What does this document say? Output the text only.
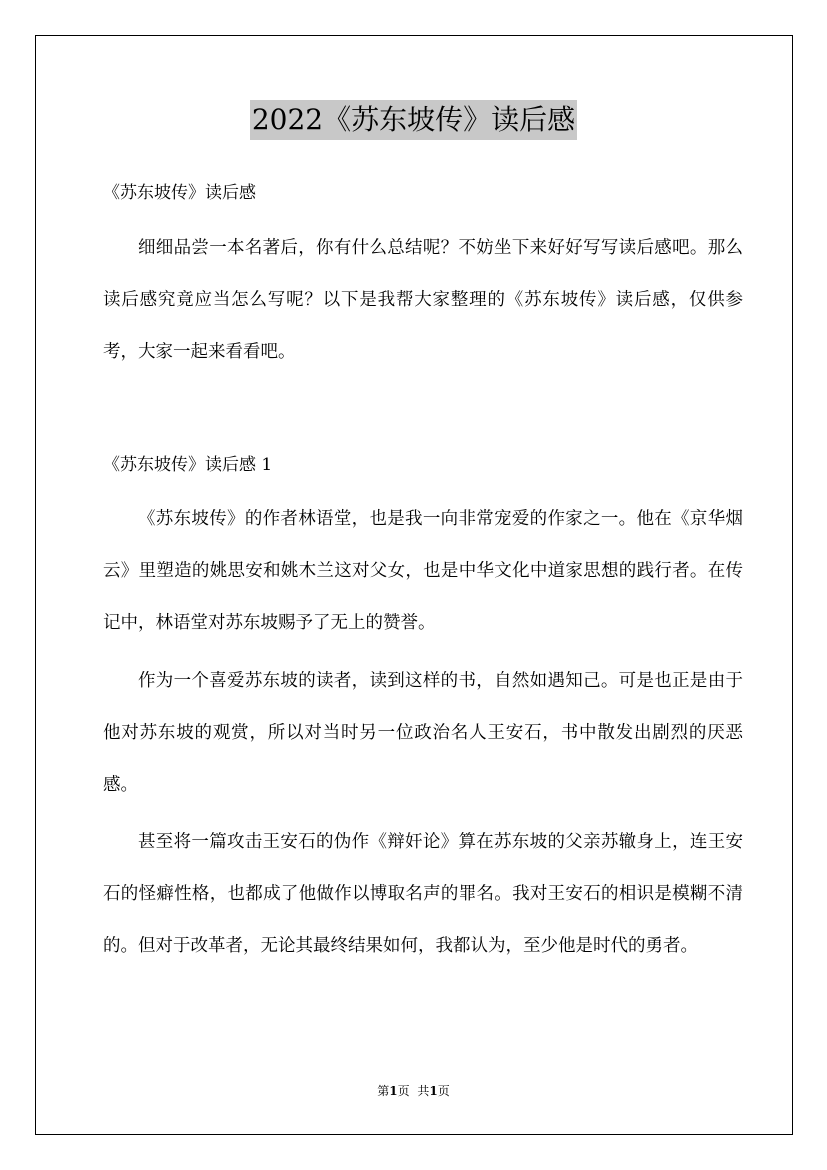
2022《苏东坡传》读后感
《苏东坡传》读后感
细细品尝一本名著后，你有什么总结呢？不妨坐下来好好写写读后感吧。那么读后感究竟应当怎么写呢？以下是我帮大家整理的《苏东坡传》读后感，仅供参考，大家一起来看看吧。
《苏东坡传》读后感 1
《苏东坡传》的作者林语堂，也是我一向非常宠爱的作家之一。他在《京华烟云》里塑造的姚思安和姚木兰这对父女，也是中华文化中道家思想的践行者。在传记中，林语堂对苏东坡赐予了无上的赞誉。
作为一个喜爱苏东坡的读者，读到这样的书，自然如遇知己。可是也正是由于他对苏东坡的观赏，所以对当时另一位政治名人王安石，书中散发出剧烈的厌恶感。
甚至将一篇攻击王安石的伪作《辩奸论》算在苏东坡的父亲苏辙身上，连王安石的怪癖性格，也都成了他做作以博取名声的罪名。我对王安石的相识是模糊不清的。但对于改革者，无论其最终结果如何，我都认为，至少他是时代的勇者。
第1页 共1页
